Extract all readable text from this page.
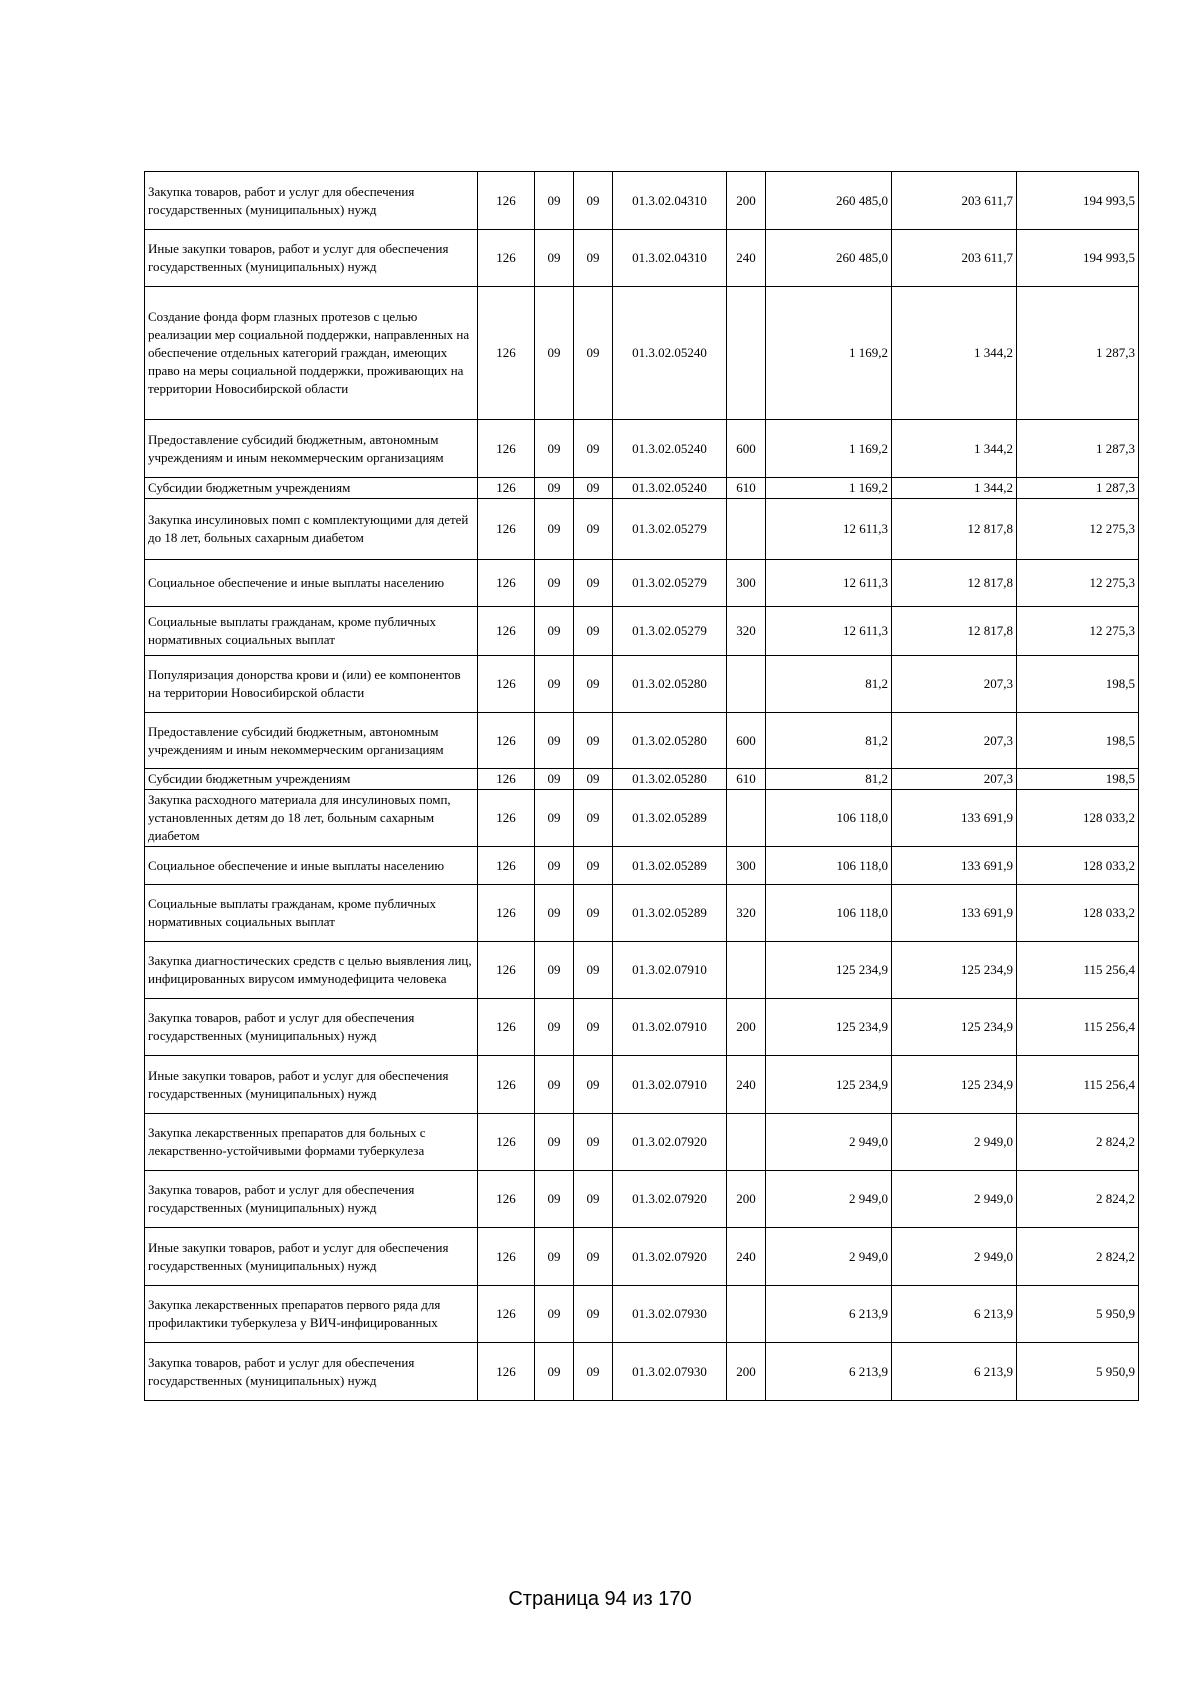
Закупка товаров, работ и услуг для обеспечения государственных (муниципальных) нужд	126	09	09	01.3.02.04310	200	260 485,0	203 611,7	194 993,5
Иные закупки товаров, работ и услуг для обеспечения государственных (муниципальных) нужд	126	09	09	01.3.02.04310	240	260 485,0	203 611,7	194 993,5
Создание фонда форм глазных протезов с целью реализации мер социальной поддержки, направленных на обеспечение отдельных категорий граждан, имеющих право на меры социальной поддержки, проживающих на территории Новосибирской области	126	09	09	01.3.02.05240		1 169,2	1 344,2	1 287,3
Предоставление субсидий бюджетным, автономным учреждениям и иным некоммерческим организациям	126	09	09	01.3.02.05240	600	1 169,2	1 344,2	1 287,3
Субсидии бюджетным учреждениям	126	09	09	01.3.02.05240	610	1 169,2	1 344,2	1 287,3
Закупка инсулиновых помп с комплектующими для детей до 18 лет, больных сахарным диабетом	126	09	09	01.3.02.05279		12 611,3	12 817,8	12 275,3
Социальное обеспечение и иные выплаты населению	126	09	09	01.3.02.05279	300	12 611,3	12 817,8	12 275,3
Социальные выплаты гражданам, кроме публичных нормативных социальных выплат	126	09	09	01.3.02.05279	320	12 611,3	12 817,8	12 275,3
Популяризация донорства крови и (или) ее компонентов на территории Новосибирской области	126	09	09	01.3.02.05280		81,2	207,3	198,5
Предоставление субсидий бюджетным, автономным учреждениям и иным некоммерческим организациям	126	09	09	01.3.02.05280	600	81,2	207,3	198,5
Субсидии бюджетным учреждениям	126	09	09	01.3.02.05280	610	81,2	207,3	198,5
Закупка расходного материала для инсулиновых помп, установленных детям до 18 лет, больным сахарным диабетом	126	09	09	01.3.02.05289		106 118,0	133 691,9	128 033,2
Социальное обеспечение и иные выплаты населению	126	09	09	01.3.02.05289	300	106 118,0	133 691,9	128 033,2
Социальные выплаты гражданам, кроме публичных нормативных социальных выплат	126	09	09	01.3.02.05289	320	106 118,0	133 691,9	128 033,2
Закупка диагностических средств с целью выявления лиц, инфицированных вирусом иммунодефицита человека	126	09	09	01.3.02.07910		125 234,9	125 234,9	115 256,4
Закупка товаров, работ и услуг для обеспечения государственных (муниципальных) нужд	126	09	09	01.3.02.07910	200	125 234,9	125 234,9	115 256,4
Иные закупки товаров, работ и услуг для обеспечения государственных (муниципальных) нужд	126	09	09	01.3.02.07910	240	125 234,9	125 234,9	115 256,4
Закупка лекарственных препаратов для больных с лекарственно-устойчивыми формами туберкулеза	126	09	09	01.3.02.07920		2 949,0	2 949,0	2 824,2
Закупка товаров, работ и услуг для обеспечения государственных (муниципальных) нужд	126	09	09	01.3.02.07920	200	2 949,0	2 949,0	2 824,2
Иные закупки товаров, работ и услуг для обеспечения государственных (муниципальных) нужд	126	09	09	01.3.02.07920	240	2 949,0	2 949,0	2 824,2
Закупка лекарственных препаратов первого ряда для профилактики туберкулеза у ВИЧ-инфицированных	126	09	09	01.3.02.07930		6 213,9	6 213,9	5 950,9
Закупка товаров, работ и услуг для обеспечения государственных (муниципальных) нужд	126	09	09	01.3.02.07930	200	6 213,9	6 213,9	5 950,9
Страница 94 из 170
